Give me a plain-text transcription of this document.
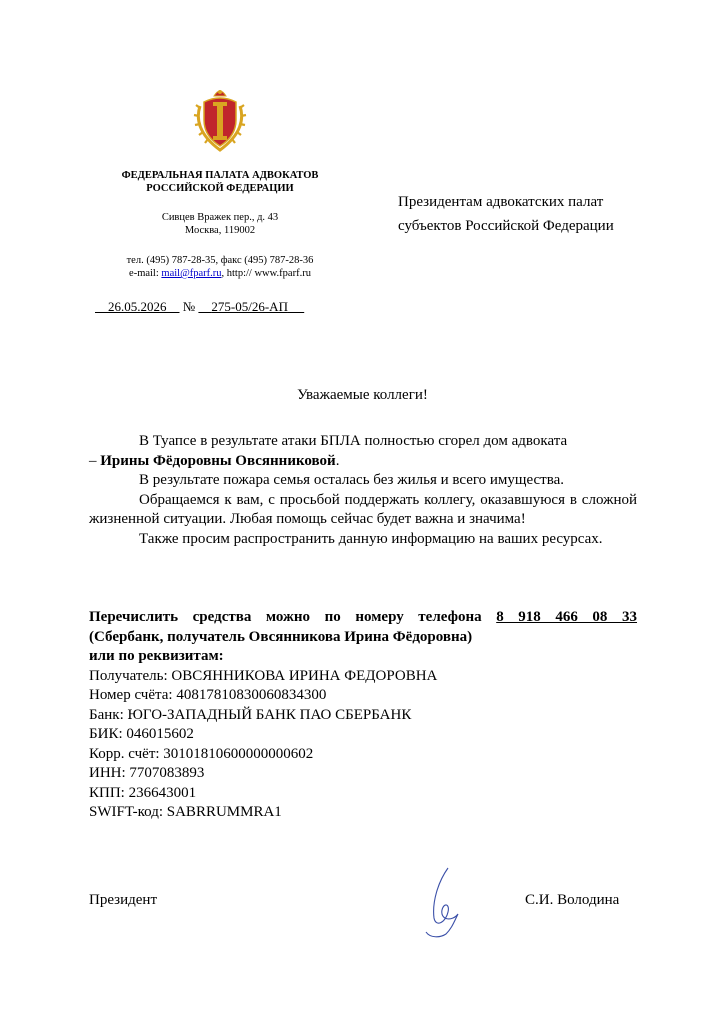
ФЕДЕРАЛЬНАЯ ПАЛАТА АДВОКАТОВ
РОССИЙСКОЙ ФЕДЕРАЦИИ
Сивцев Вражек пер., д. 43
Москва, 119002
тел. (495) 787-28-35, факс (495) 787-28-36
e-mail: mail@fparf.ru, http:// www.fparf.ru
26.05.2026 № 275-05/26-АП
Президентам адвокатских палат
субъектов Российской Федерации
Уважаемые коллеги!

В Туапсе в результате атаки БПЛА полностью сгорел дом адвоката
– Ирины Фёдоровны Овсянниковой.

В результате пожара семья осталась без жилья и всего имущества.

Обращаемся к вам, с просьбой поддержать коллегу, оказавшуюся в сложной жизненной ситуации. Любая помощь сейчас будет важна и значима!

Также просим распространить данную информацию на ваших ресурсах.

Перечислить средства можно по номеру телефона 8 918 466 08 33
(Сбербанк, получатель Овсянникова Ирина Фёдоровна)
или по реквизитам:
Получатель: ОВСЯННИКОВА ИРИНА ФЕДОРОВНА
Номер счёта: 40817810830060834300
Банк: ЮГО-ЗАПАДНЫЙ БАНК ПАО СБЕРБАНК
БИК: 046015602
Корр. счёт: 30101810600000000602
ИНН: 7707083893
КПП: 236643001
SWIFT-код: SABRRUMMRA1
Президент	С.И. Володина
